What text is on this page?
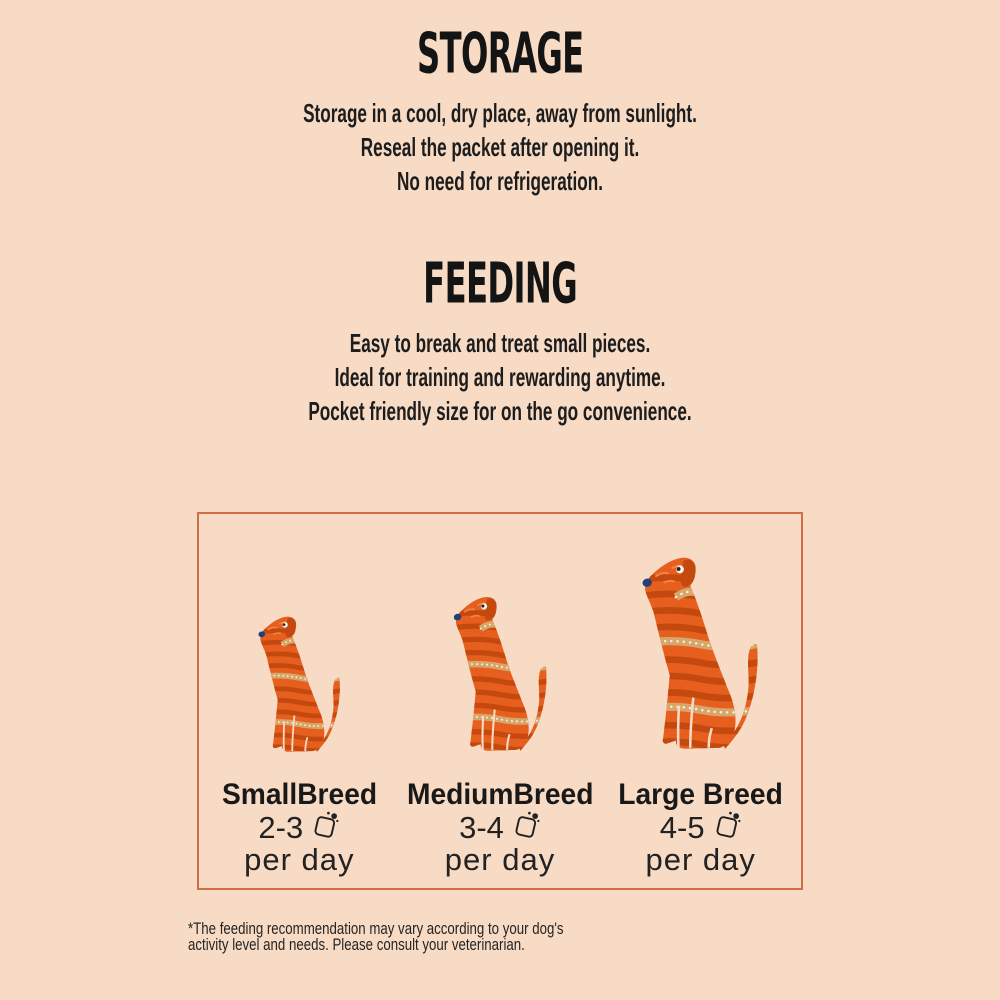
STORAGE
Storage in a cool, dry place, away from sunlight.
Reseal the packet after opening it.
No need for refrigeration.
FEEDING
Easy to break and treat small pieces.
Ideal for training and rewarding anytime.
Pocket friendly size for on the go convenience.
SmallBreed
2-3
per day
MediumBreed
3-4
per day
Large Breed
4-5
per day
*The feeding recommendation may vary according to your dog's
activity level and needs. Please consult your veterinarian.
